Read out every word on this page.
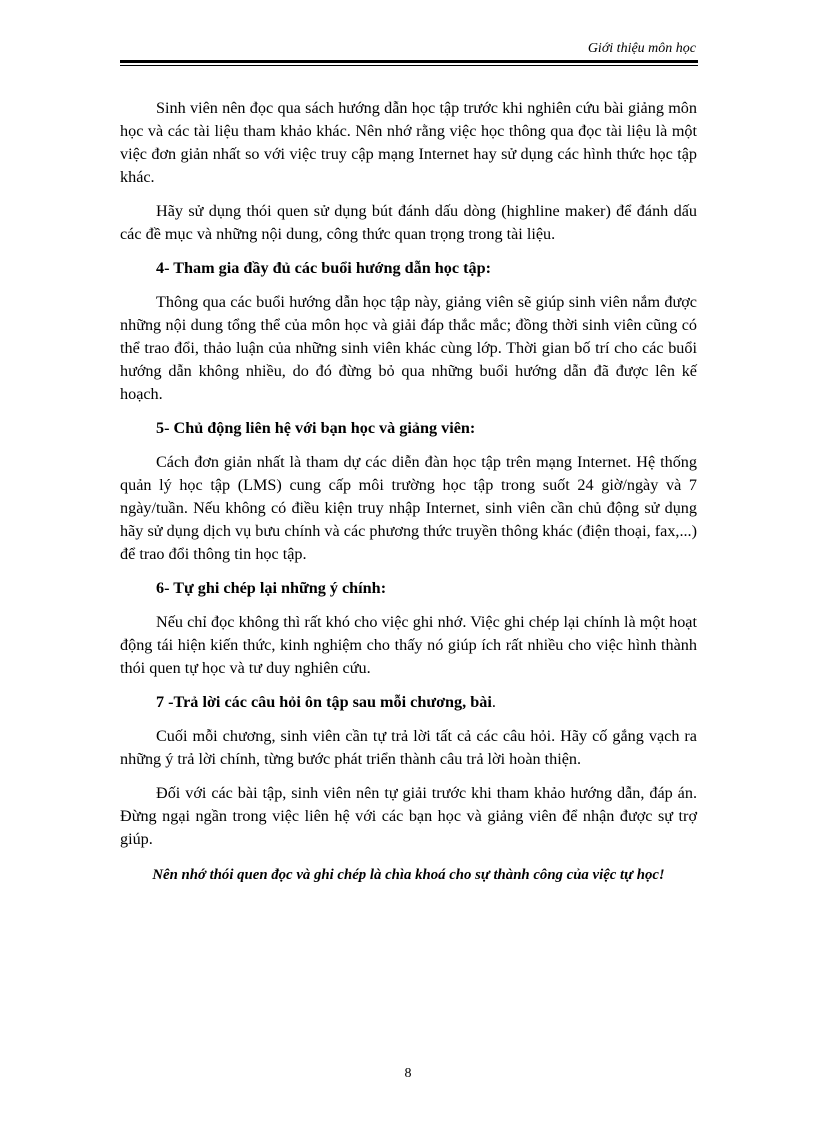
Giới thiệu môn học

Sinh viên nên đọc qua sách hướng dẫn học tập trước khi nghiên cứu bài giảng môn học và các tài liệu tham khảo khác. Nên nhớ rằng việc học thông qua đọc tài liệu là một việc đơn giản nhất so với việc truy cập mạng Internet hay sử dụng các hình thức học tập khác.

Hãy sử dụng thói quen sử dụng bút đánh dấu dòng (highline maker) để đánh dấu các đề mục và những nội dung, công thức quan trọng trong tài liệu.

4- Tham gia đầy đủ các buổi hướng dẫn học tập:

Thông qua các buổi hướng dẫn học tập này, giảng viên sẽ giúp sinh viên nắm được những nội dung tổng thể của môn học và giải đáp thắc mắc; đồng thời sinh viên cũng có thể trao đổi, thảo luận của những sinh viên khác cùng lớp. Thời gian bố trí cho các buổi hướng dẫn không nhiều, do đó đừng bỏ qua những buổi hướng dẫn đã được lên kế hoạch.

5- Chủ động liên hệ với bạn học và giảng viên:

Cách đơn giản nhất là tham dự các diễn đàn học tập trên mạng Internet. Hệ thống quản lý học tập (LMS) cung cấp môi trường học tập trong suốt 24 giờ/ngày và 7 ngày/tuần. Nếu không có điều kiện truy nhập Internet, sinh viên cần chủ động sử dụng hãy sử dụng dịch vụ bưu chính và các phương thức truyền thông khác (điện thoại, fax,...) để trao đổi thông tin học tập.

6- Tự ghi chép lại những ý chính:

Nếu chỉ đọc không thì rất khó cho việc ghi nhớ. Việc ghi chép lại chính là một hoạt động tái hiện kiến thức, kinh nghiệm cho thấy nó giúp ích rất nhiều cho việc hình thành thói quen tự học và tư duy nghiên cứu.

7 -Trả lời các câu hỏi ôn tập sau mỗi chương, bài.

Cuối mỗi chương, sinh viên cần tự trả lời tất cả các câu hỏi. Hãy cố gắng vạch ra những ý trả lời chính, từng bước phát triển thành câu trả lời hoàn thiện.

Đối với các bài tập, sinh viên nên tự giải trước khi tham khảo hướng dẫn, đáp án. Đừng ngại ngần trong việc liên hệ với các bạn học và giảng viên để nhận được sự trợ giúp.

Nên nhớ thói quen đọc và ghi chép là chìa khoá cho sự thành công của việc tự học!

8
